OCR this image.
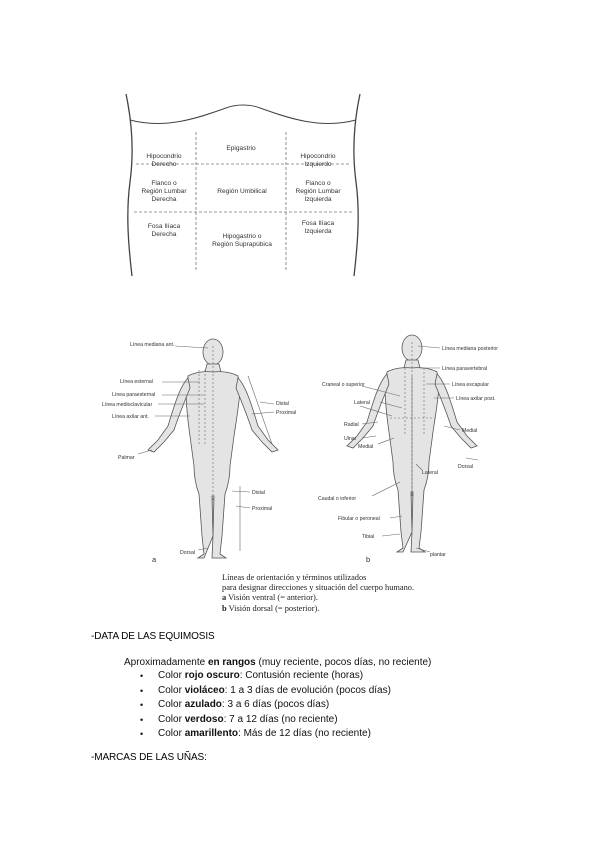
Epigastrio
Hipocondrio Derecho
Hipocondrio Izquierdo
Flanco o Región Lumbar Derecha
Región Umbilical
Flanco o Región Lumbar Izquierda
Fosa Ilíaca Derecha	Hipogastrio o Región Suprapúbica
Fosa Ilíaca Izquierda
Línea mediana ant.
Línea esternal
Línea paraesternal
Línea medioclavicular
Línea axilar ant.
Palmar
Distal
Proximal
Distal
Proximal
Dorsal
Línea mediana posterior
Línea paravertebral
Línea escapular
Línea axilar post.
Craneal o superior
Lateral
Medial
Radial
Ulnar
Medial
Lateral
Dorsal
Caudal o inferior
Fibular o peroneal
Tibial
plantar
a	b
Líneas de orientación y términos utilizados
para designar direcciones y situación del cuerpo humano.
a Visión ventral (= anterior).
b Visión dorsal (= posterior).
-DATA DE LAS EQUIMOSIS
Aproximadamente en rangos (muy reciente, pocos días, no reciente)
• Color rojo oscuro: Contusión reciente (horas)
• Color violáceo: 1 a 3 días de evolución (pocos días)
• Color azulado: 3 a 6 días (pocos días)
• Color verdoso: 7 a 12 días (no reciente)
• Color amarillento: Más de 12 días (no reciente)
-MARCAS DE LAS UÑAS:
